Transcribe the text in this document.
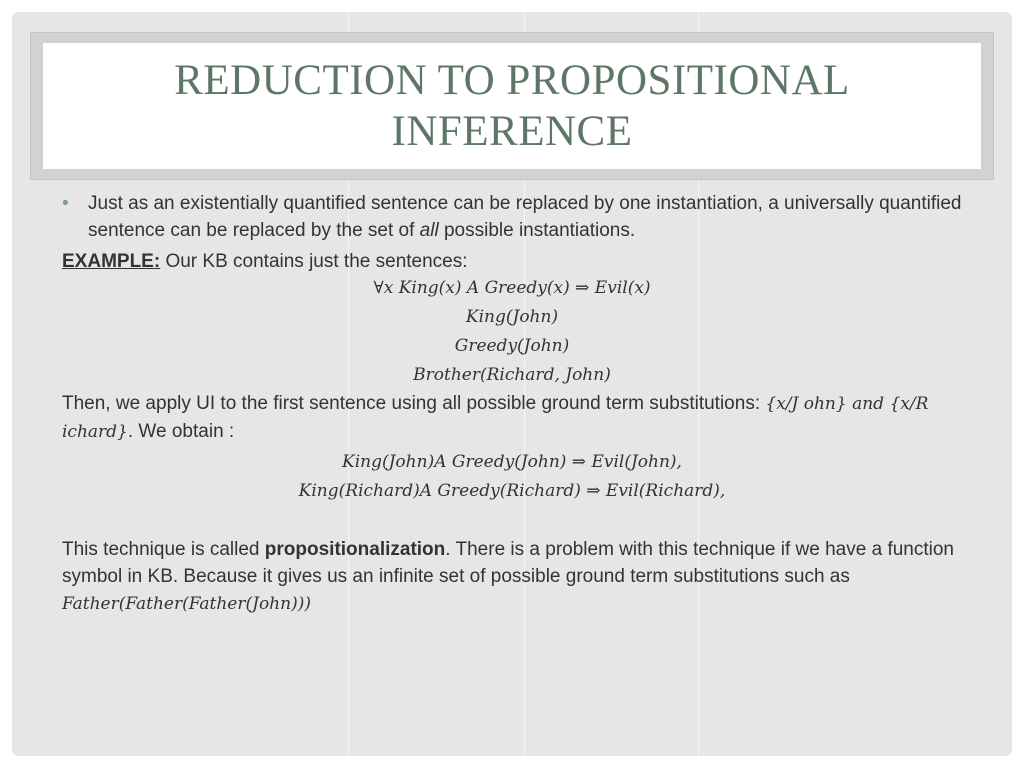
REDUCTION TO PROPOSITIONAL
INFERENCE
• Just as an existentially quantified sentence can be replaced by one instantiation, a universally quantified sentence can be replaced by the set of all possible instantiations.
EXAMPLE: Our KB contains just the sentences:
∀x King(x) A Greedy(x) ⇒ Evil(x)
King(John)
Greedy(John)
Brother(Richard, John)
Then, we apply UI to the first sentence using all possible ground term substitutions: {x/J ohn} and {x/R ichard}. We obtain :
King(John)A Greedy(John) ⇒ Evil(John),
King(Richard)A Greedy(Richard) ⇒ Evil(Richard),
This technique is called propositionalization. There is a problem with this technique if we have a function symbol in KB. Because it gives us an infinite set of possible ground term substitutions such as Father(Father(Father(John)))
